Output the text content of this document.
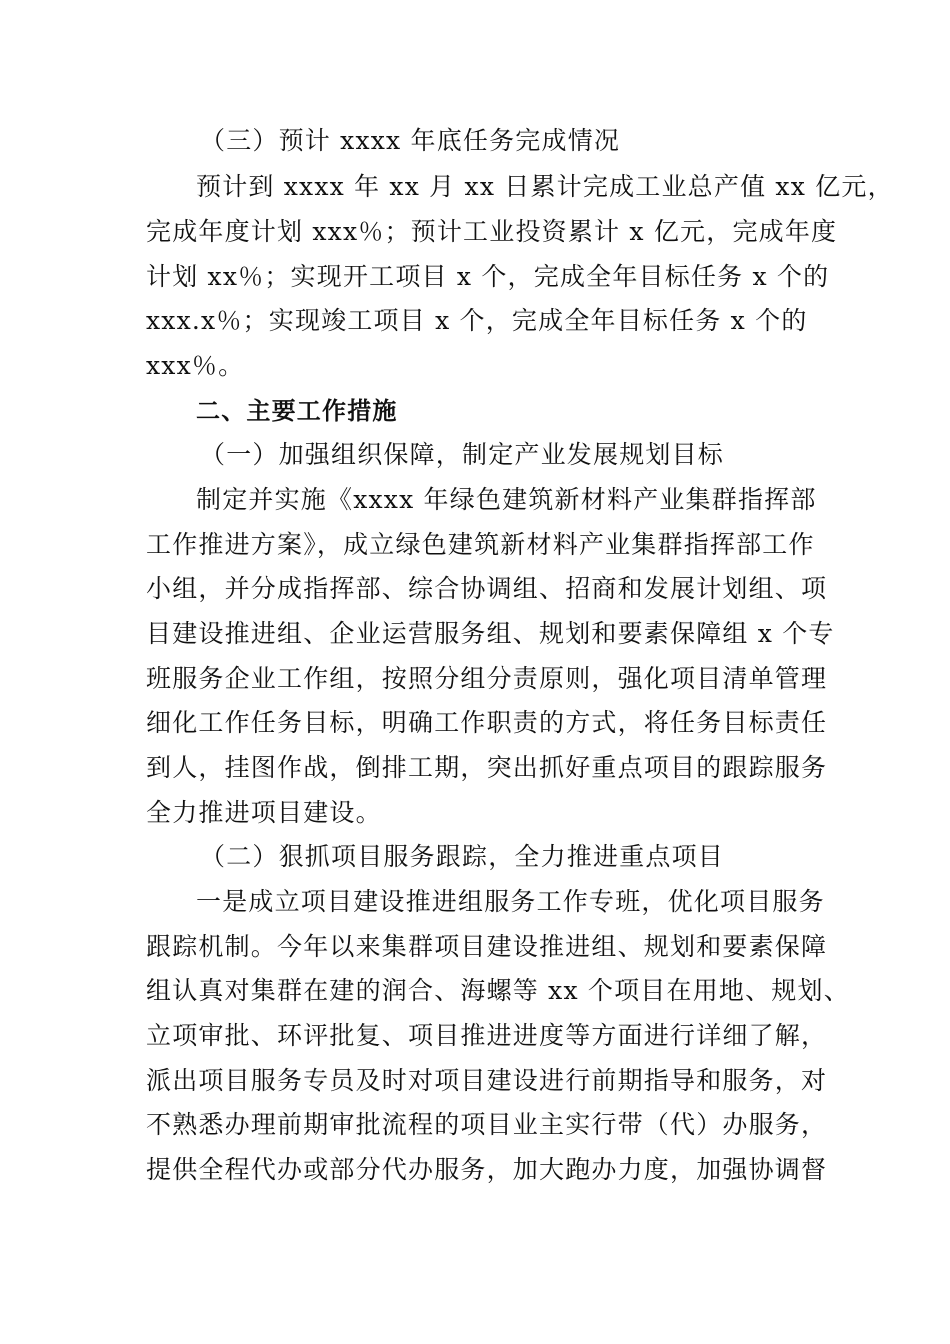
（三）预计 xxxx 年底任务完成情况
预计到 xxxx 年 xx 月 xx 日累计完成工业总产值 xx 亿元，
完成年度计划 xxx％；预计工业投资累计 x 亿元，完成年度
计划 xx％；实现开工项目 x 个，完成全年目标任务 x 个的
xxx.x％；实现竣工项目 x 个，完成全年目标任务 x 个的
xxx％。
二、主要工作措施
（一）加强组织保障，制定产业发展规划目标
制定并实施《xxxx 年绿色建筑新材料产业集群指挥部
工作推进方案》，成立绿色建筑新材料产业集群指挥部工作
小组，并分成指挥部、综合协调组、招商和发展计划组、项
目建设推进组、企业运营服务组、规划和要素保障组 x 个专
班服务企业工作组，按照分组分责原则，强化项目清单管理
细化工作任务目标，明确工作职责的方式，将任务目标责任
到人，挂图作战，倒排工期，突出抓好重点项目的跟踪服务
全力推进项目建设。
（二）狠抓项目服务跟踪，全力推进重点项目
一是成立项目建设推进组服务工作专班，优化项目服务
跟踪机制。今年以来集群项目建设推进组、规划和要素保障
组认真对集群在建的润合、海螺等 xx 个项目在用地、规划、
立项审批、环评批复、项目推进进度等方面进行详细了解，
派出项目服务专员及时对项目建设进行前期指导和服务，对
不熟悉办理前期审批流程的项目业主实行带（代）办服务，
提供全程代办或部分代办服务，加大跑办力度，加强协调督
